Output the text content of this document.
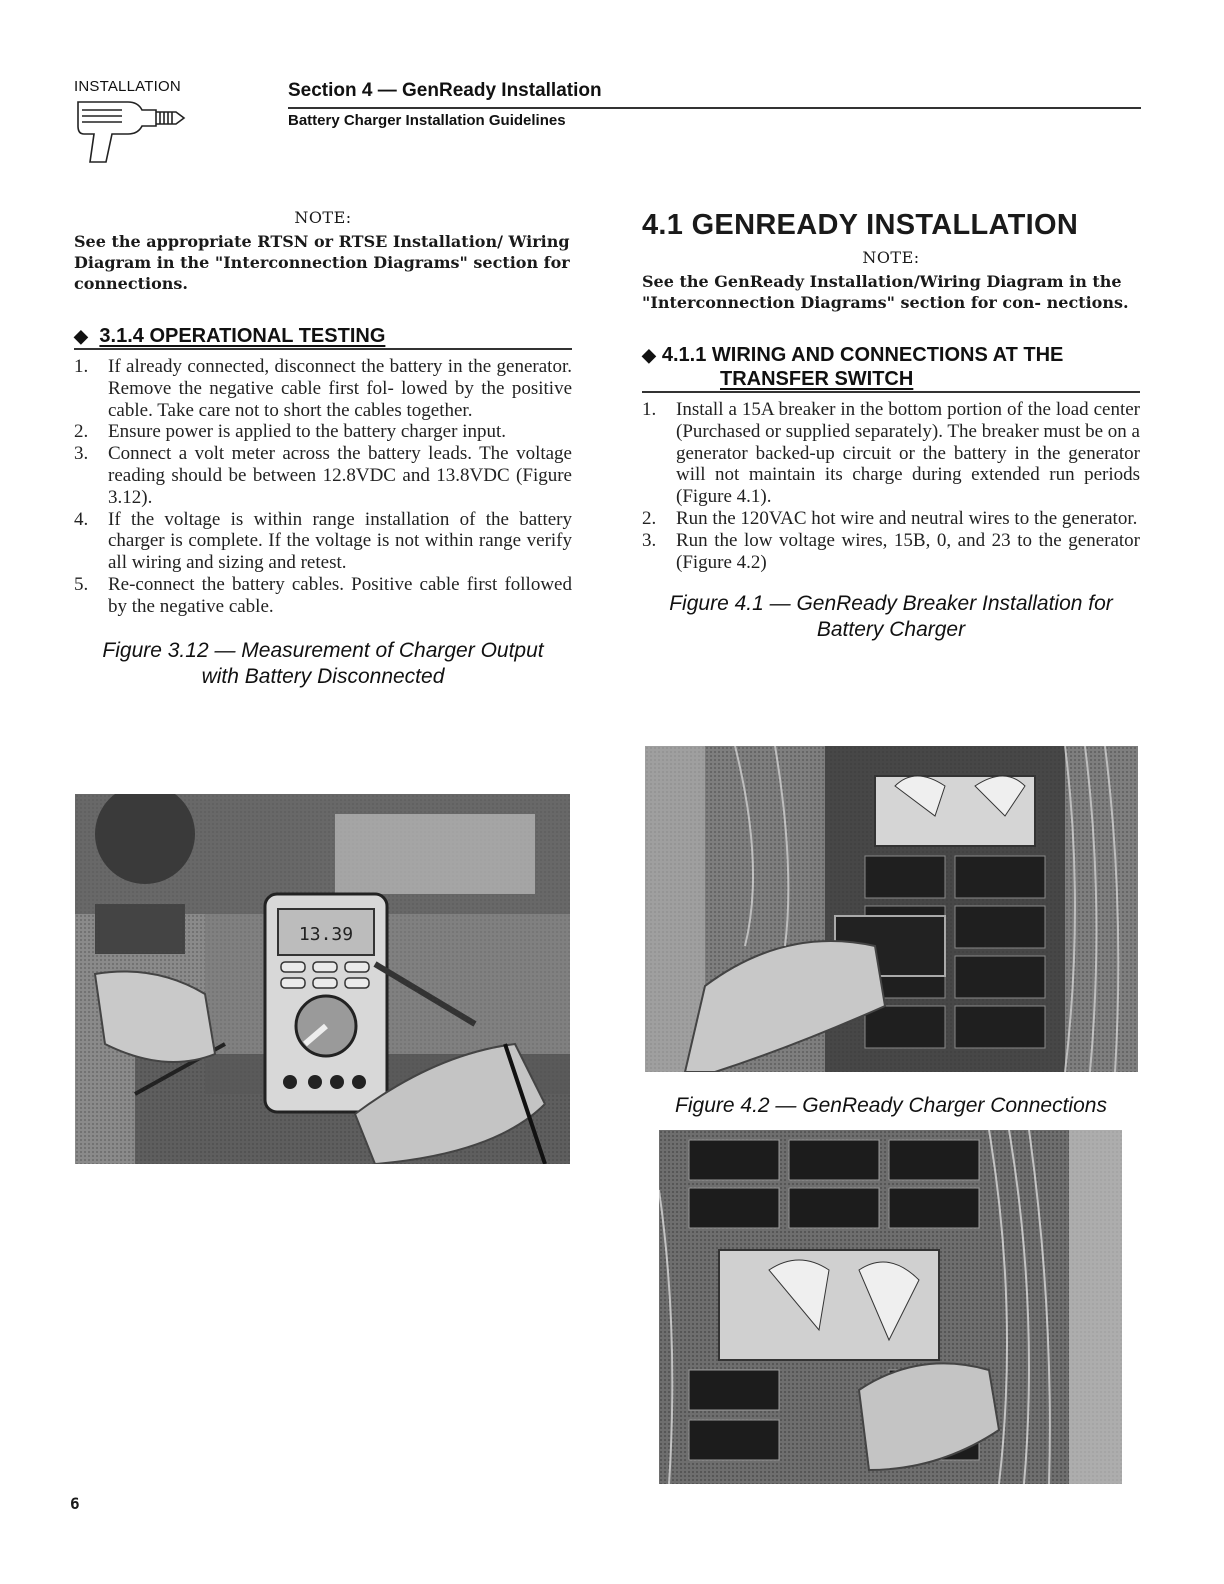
INSTALLATION	Section 4 — GenReady Installation
Battery Charger Installation Guidelines

NOTE:

See the appropriate RTSN or RTSE Installation/ Wiring Diagram in the "Interconnection Diagrams" section for connections.

◆ 3.1.4 OPERATIONAL TESTING
1. If already connected, disconnect the battery in the generator. Remove the negative cable first fol- lowed by the positive cable. Take care not to short the cables together.
2. Ensure power is applied to the battery charger input.
3. Connect a volt meter across the battery leads. The voltage reading should be between 12.8VDC and 13.8VDC (Figure 3.12).
4. If the voltage is within range installation of the battery charger is complete. If the voltage is not within range verify all wiring and sizing and retest.
5. Re-connect the battery cables. Positive cable first followed by the negative cable.
Figure 3.12 — Measurement of Charger Output
with Battery Disconnected
13.39
4.1 GENREADY INSTALLATION

NOTE:

See the GenReady Installation/Wiring Diagram in the "Interconnection Diagrams" section for con- nections.

◆ 4.1.1 WIRING AND CONNECTIONS AT THE
TRANSFER SWITCH
1. Install a 15A breaker in the bottom portion of the load center (Purchased or supplied separately). The breaker must be on a generator backed-up circuit or the battery in the generator will not maintain its charge during extended run periods (Figure 4.1).
2. Run the 120VAC hot wire and neutral wires to the generator.
3. Run the low voltage wires, 15B, 0, and 23 to the generator (Figure 4.2)
Figure 4.1 — GenReady Breaker Installation for
Battery Charger
Figure 4.2 — GenReady Charger Connections
6
